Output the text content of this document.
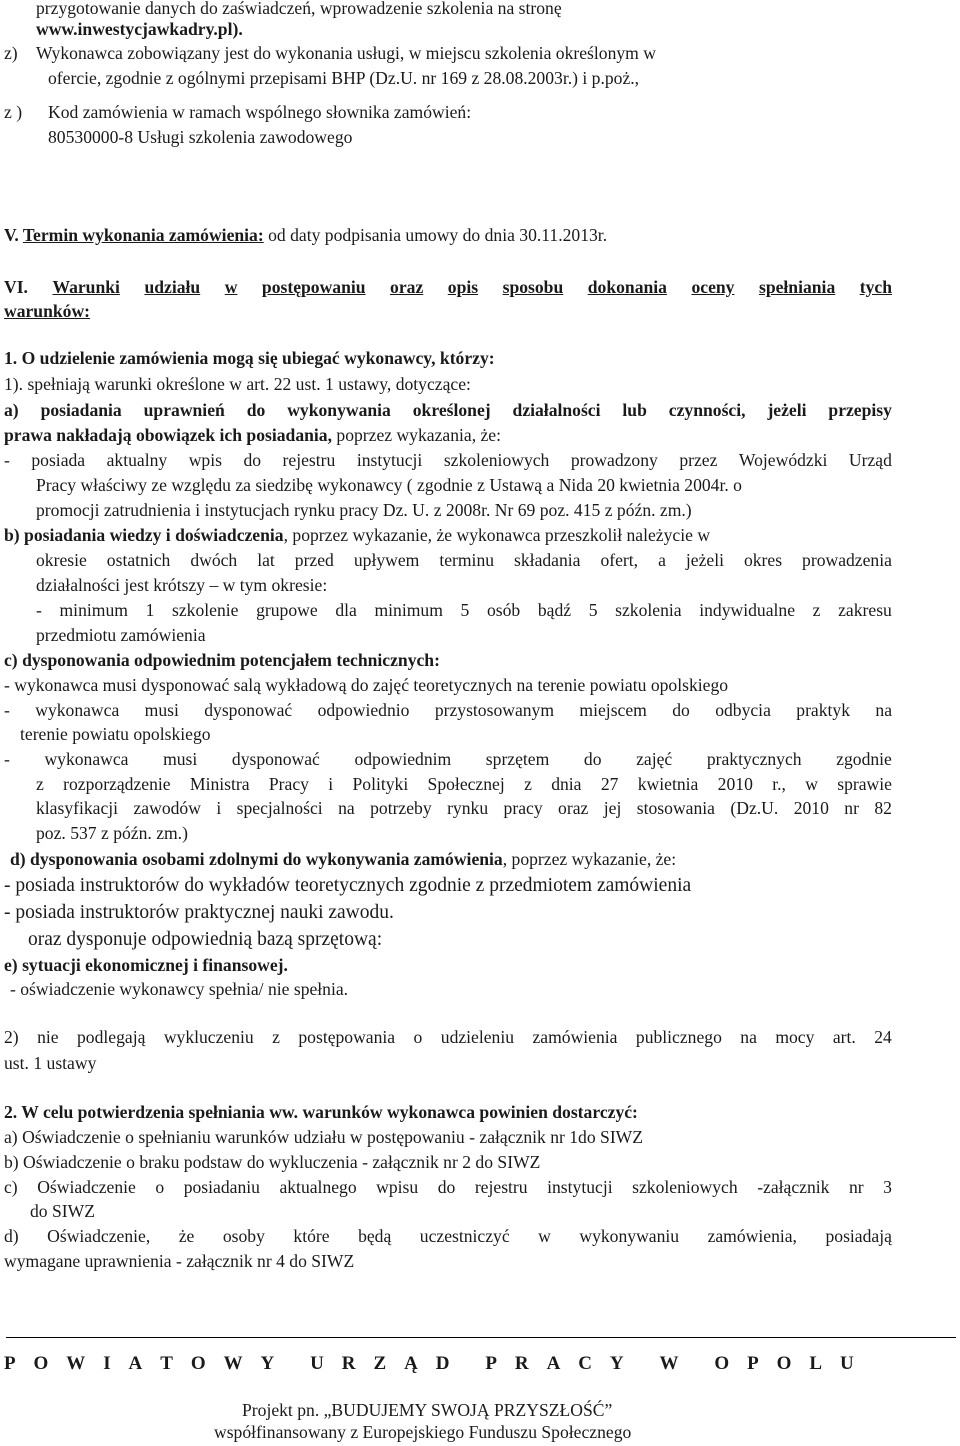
przygotowanie danych do zaświadczeń, wprowadzenie szkolenia na stronę
www.inwestycjawkadry.pl).
z) Wykonawca zobowiązany jest do wykonania usługi, w miejscu szkolenia określonym w
ofercie, zgodnie z ogólnymi przepisami BHP (Dz.U. nr 169 z 28.08.2003r.) i p.poż.,
z ) Kod zamówienia w ramach wspólnego słownika zamówień:
80530000-8 Usługi szkolenia zawodowego
V. Termin wykonania zamówienia: od daty podpisania umowy do dnia 30.11.2013r.
VI. Warunki udziału w postępowaniu oraz opis sposobu dokonania oceny spełniania tych
warunków:
1. O udzielenie zamówienia mogą się ubiegać wykonawcy, którzy:
1). spełniają warunki określone w art. 22 ust. 1 ustawy, dotyczące:
a) posiadania uprawnień do wykonywania określonej działalności lub czynności, jeżeli przepisy
prawa nakładają obowiązek ich posiadania, poprzez wykazania, że:
- posiada aktualny wpis do rejestru instytucji szkoleniowych prowadzony przez Wojewódzki Urząd
Pracy właściwy ze względu za siedzibę wykonawcy ( zgodnie z Ustawą a Nida 20 kwietnia 2004r. o
promocji zatrudnienia i instytucjach rynku pracy Dz. U. z 2008r. Nr 69 poz. 415 z późn. zm.)
b) posiadania wiedzy i doświadczenia, poprzez wykazanie, że wykonawca przeszkolił należycie w
okresie ostatnich dwóch lat przed upływem terminu składania ofert, a jeżeli okres prowadzenia
działalności jest krótszy – w tym okresie:
- minimum 1 szkolenie grupowe dla minimum 5 osób bądź 5 szkolenia indywidualne z zakresu
przedmiotu zamówienia
c) dysponowania odpowiednim potencjałem technicznych:
- wykonawca musi dysponować salą wykładową do zajęć teoretycznych na terenie powiatu opolskiego
- wykonawca musi dysponować odpowiednio przystosowanym miejscem do odbycia praktyk na
terenie powiatu opolskiego
- wykonawca musi dysponować odpowiednim sprzętem do zajęć praktycznych zgodnie
z rozporządzenie Ministra Pracy i Polityki Społecznej z dnia 27 kwietnia 2010 r., w sprawie
klasyfikacji zawodów i specjalności na potrzeby rynku pracy oraz jej stosowania (Dz.U. 2010 nr 82
poz. 537 z późn. zm.)
d) dysponowania osobami zdolnymi do wykonywania zamówienia, poprzez wykazanie, że:
- posiada instruktorów do wykładów teoretycznych zgodnie z przedmiotem zamówienia
- posiada instruktorów praktycznej nauki zawodu.
oraz dysponuje odpowiednią bazą sprzętową:
e) sytuacji ekonomicznej i finansowej.
- oświadczenie wykonawcy spełnia/ nie spełnia.
2) nie podlegają wykluczeniu z postępowania o udzieleniu zamówienia publicznego na mocy art. 24
ust. 1 ustawy
2. W celu potwierdzenia spełniania ww. warunków wykonawca powinien dostarczyć:
a) Oświadczenie o spełnianiu warunków udziału w postępowaniu - załącznik nr 1do SIWZ
b) Oświadczenie o braku podstaw do wykluczenia - załącznik nr 2 do SIWZ
c) Oświadczenie o posiadaniu aktualnego wpisu do rejestru instytucji szkoleniowych -załącznik nr 3
do SIWZ
d) Oświadczenie, że osoby które będą uczestniczyć w wykonywaniu zamówienia, posiadają
wymagane uprawnienia - załącznik nr 4 do SIWZ
P O W I A T O W Y U R Z Ą D P R A C Y W O P O L U
Projekt pn. „BUDUJEMY SWOJĄ PRZYSZŁOŚĆ”
współfinansowany z Europejskiego Funduszu Społecznego
